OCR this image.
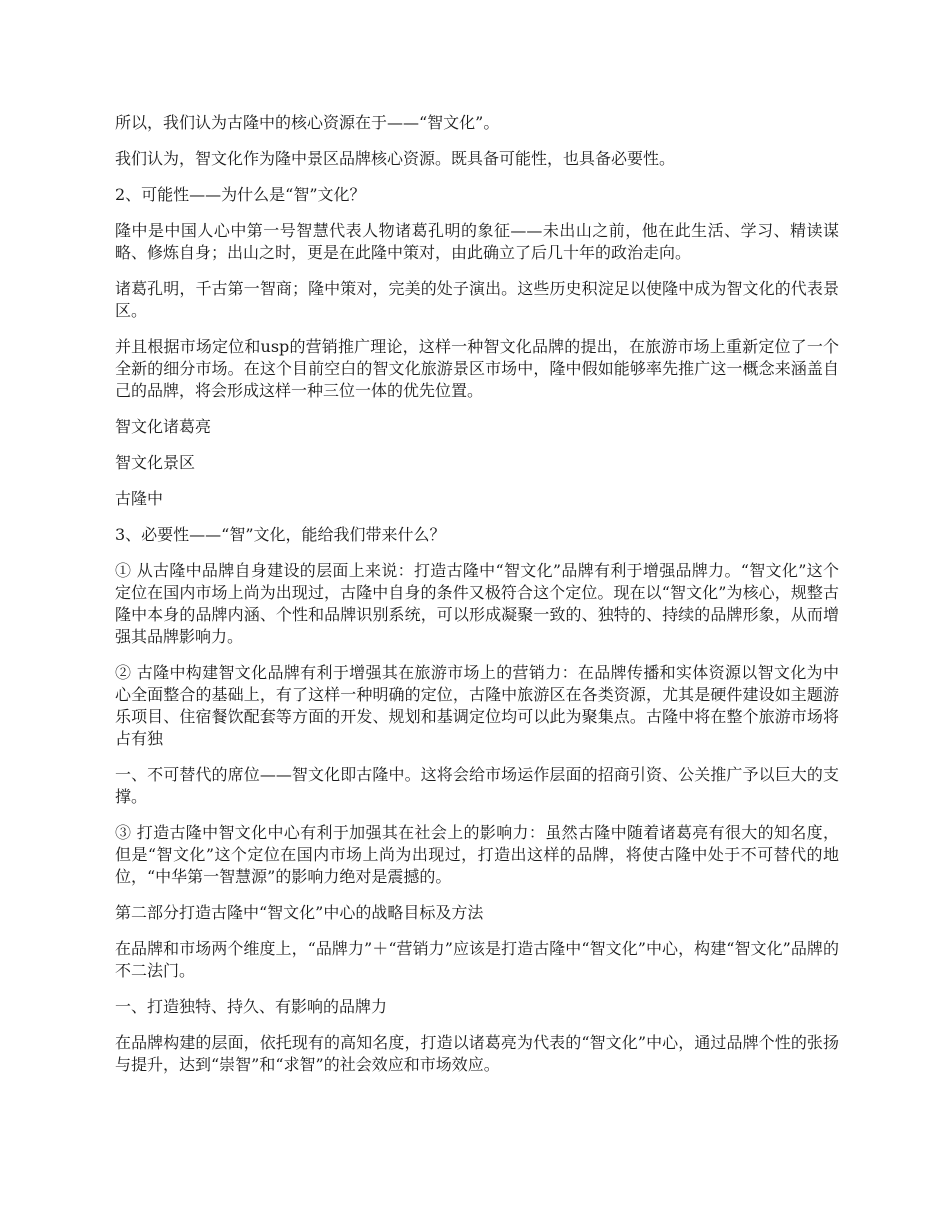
所以，我们认为古隆中的核心资源在于——“智文化”。

我们认为，智文化作为隆中景区品牌核心资源。既具备可能性，也具备必要性。

2、可能性——为什么是“智”文化？

隆中是中国人心中第一号智慧代表人物诸葛孔明的象征——未出山之前，他在此生活、学习、精读谋略、修炼自身；出山之时，更是在此隆中策对，由此确立了后几十年的政治走向。

诸葛孔明，千古第一智商；隆中策对，完美的处子演出。这些历史积淀足以使隆中成为智文化的代表景区。

并且根据市场定位和usp的营销推广理论，这样一种智文化品牌的提出，在旅游市场上重新定位了一个全新的细分市场。在这个目前空白的智文化旅游景区市场中，隆中假如能够率先推广这一概念来涵盖自己的品牌，将会形成这样一种三位一体的优先位置。

智文化诸葛亮

智文化景区

古隆中

3、必要性——“智”文化，能给我们带来什么？

① 从古隆中品牌自身建设的层面上来说：打造古隆中“智文化”品牌有利于增强品牌力。“智文化”这个定位在国内市场上尚为出现过，古隆中自身的条件又极符合这个定位。现在以“智文化”为核心，规整古隆中本身的品牌内涵、个性和品牌识别系统，可以形成凝聚一致的、独特的、持续的品牌形象，从而增强其品牌影响力。

② 古隆中构建智文化品牌有利于增强其在旅游市场上的营销力：在品牌传播和实体资源以智文化为中心全面整合的基础上，有了这样一种明确的定位，古隆中旅游区在各类资源，尤其是硬件建设如主题游乐项目、住宿餐饮配套等方面的开发、规划和基调定位均可以此为聚集点。古隆中将在整个旅游市场将占有独

一、不可替代的席位——智文化即古隆中。这将会给市场运作层面的招商引资、公关推广予以巨大的支撑。

③ 打造古隆中智文化中心有利于加强其在社会上的影响力：虽然古隆中随着诸葛亮有很大的知名度，但是“智文化”这个定位在国内市场上尚为出现过，打造出这样的品牌，将使古隆中处于不可替代的地位，“中华第一智慧源”的影响力绝对是震撼的。

第二部分打造古隆中“智文化”中心的战略目标及方法

在品牌和市场两个维度上，“品牌力”＋“营销力”应该是打造古隆中“智文化”中心，构建“智文化”品牌的不二法门。

一、打造独特、持久、有影响的品牌力

在品牌构建的层面，依托现有的高知名度，打造以诸葛亮为代表的“智文化”中心，通过品牌个性的张扬与提升，达到“崇智”和“求智”的社会效应和市场效应。
